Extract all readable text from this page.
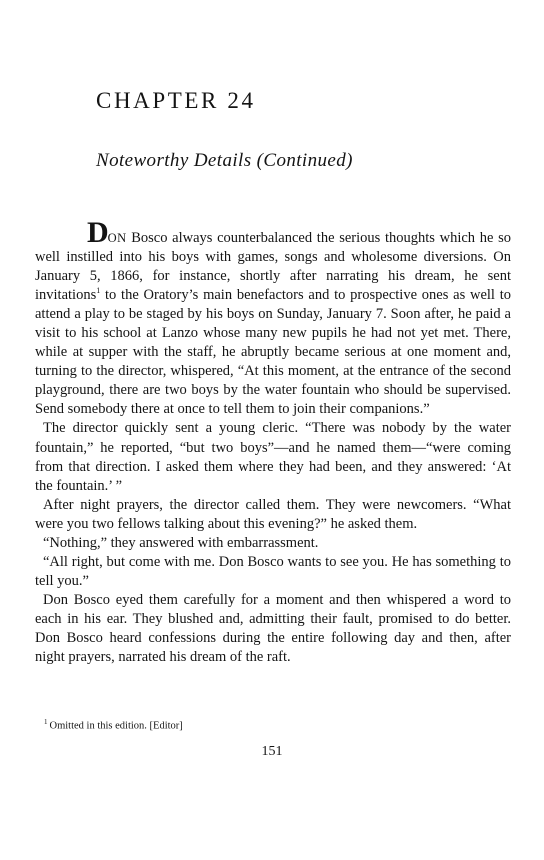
CHAPTER 24
Noteworthy Details (Continued)

DON Bosco always counterbalanced the serious thoughts which he so well instilled into his boys with games, songs and wholesome diversions. On January 5, 1866, for instance, shortly after narrating his dream, he sent invitations$^1$ to the Oratory’s main benefactors and to prospective ones as well to attend a play to be staged by his boys on Sunday, January 7. Soon after, he paid a visit to his school at Lanzo whose many new pupils he had not yet met. There, while at supper with the staff, he abruptly became serious at one moment and, turning to the director, whispered, “At this moment, at the entrance of the second playground, there are two boys by the water fountain who should be supervised. Send somebody there at once to tell them to join their companions.”

The director quickly sent a young cleric. “There was nobody by the water fountain,” he reported, “but two boys”—and he named them—“were coming from that direction. I asked them where they had been, and they answered: ‘At the fountain.’ ”

After night prayers, the director called them. They were newcomers. “What were you two fellows talking about this evening?” he asked them.

“Nothing,” they answered with embarrassment.

“All right, but come with me. Don Bosco wants to see you. He has something to tell you.”

Don Bosco eyed them carefully for a moment and then whispered a word to each in his ear. They blushed and, admitting their fault, promised to do better. Don Bosco heard confessions during the entire following day and then, after night prayers, narrated his dream of the raft.

$^1$ Omitted in this edition. [Editor]
151
